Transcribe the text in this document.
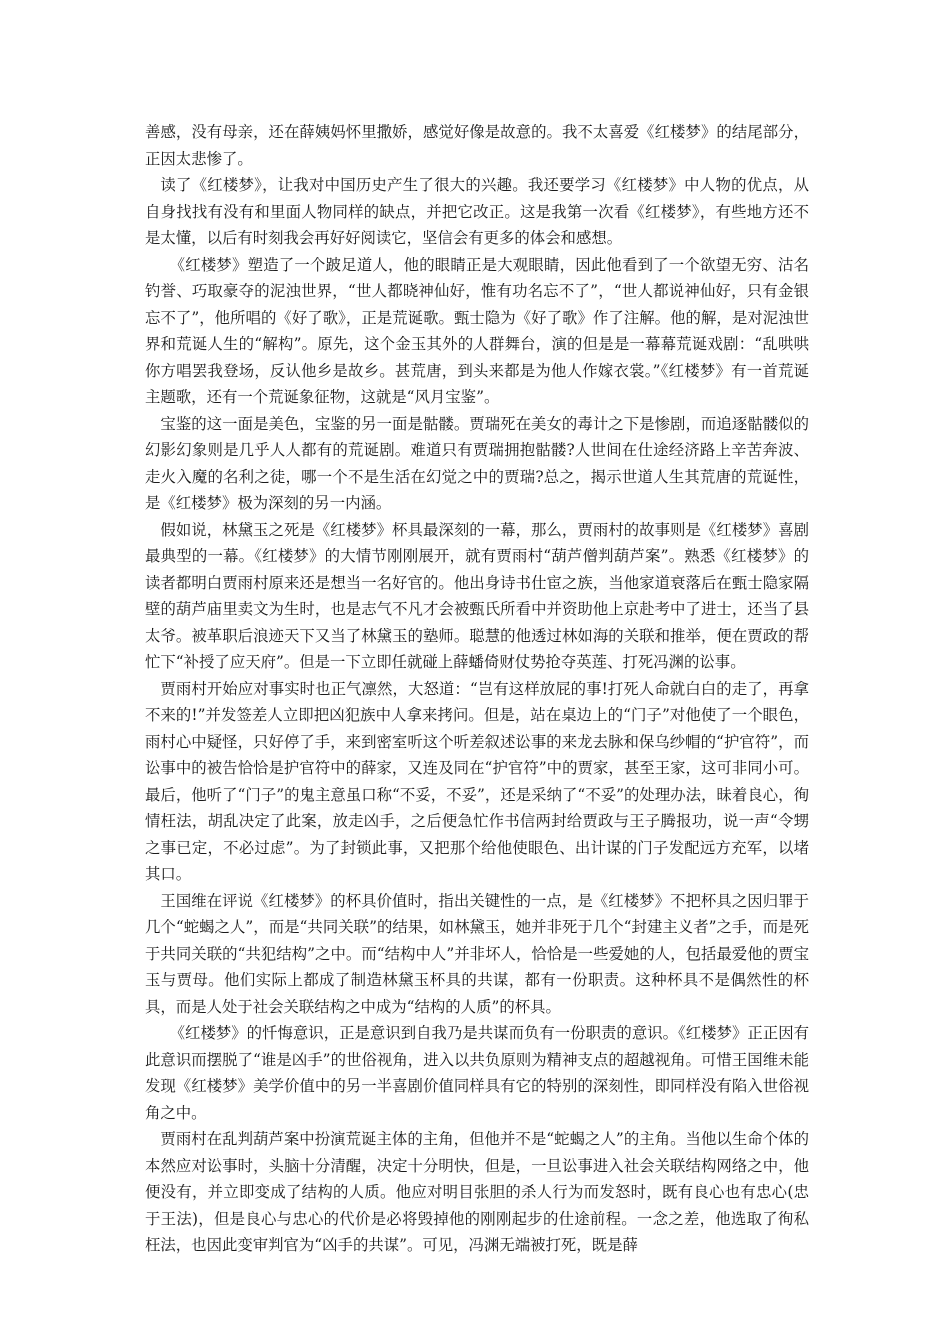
善感，没有母亲，还在薛姨妈怀里撒娇，感觉好像是故意的。我不太喜爱《红楼梦》的结尾部分，正因太悲惨了。

读了《红楼梦》，让我对中国历史产生了很大的兴趣。我还要学习《红楼梦》中人物的优点，从自身找找有没有和里面人物同样的缺点，并把它改正。这是我第一次看《红楼梦》，有些地方还不是太懂，以后有时刻我会再好好阅读它，坚信会有更多的体会和感想。

《红楼梦》塑造了一个跛足道人，他的眼睛正是大观眼睛，因此他看到了一个欲望无穷、沽名钓誉、巧取豪夺的泥浊世界，“世人都晓神仙好，惟有功名忘不了”，“世人都说神仙好，只有金银忘不了”，他所唱的《好了歌》，正是荒诞歌。甄士隐为《好了歌》作了注解。他的解，是对泥浊世界和荒诞人生的“解构”。原先，这个金玉其外的人群舞台，演的但是是一幕幕荒诞戏剧：“乱哄哄你方唱罢我登场，反认他乡是故乡。甚荒唐，到头来都是为他人作嫁衣裳。”《红楼梦》有一首荒诞主题歌，还有一个荒诞象征物，这就是“风月宝鉴”。

宝鉴的这一面是美色，宝鉴的另一面是骷髅。贾瑞死在美女的毒计之下是惨剧，而追逐骷髅似的幻影幻象则是几乎人人都有的荒诞剧。难道只有贾瑞拥抱骷髅?人世间在仕途经济路上辛苦奔波、走火入魔的名利之徒，哪一个不是生活在幻觉之中的贾瑞?总之，揭示世道人生其荒唐的荒诞性，是《红楼梦》极为深刻的另一内涵。

假如说，林黛玉之死是《红楼梦》杯具最深刻的一幕，那么，贾雨村的故事则是《红楼梦》喜剧最典型的一幕。《红楼梦》的大情节刚刚展开，就有贾雨村“葫芦僧判葫芦案”。熟悉《红楼梦》的读者都明白贾雨村原来还是想当一名好官的。他出身诗书仕宦之族，当他家道衰落后在甄士隐家隔壁的葫芦庙里卖文为生时，也是志气不凡才会被甄氏所看中并资助他上京赴考中了进士，还当了县太爷。被革职后浪迹天下又当了林黛玉的塾师。聪慧的他透过林如海的关联和推举，便在贾政的帮忙下“补授了应天府”。但是一下立即任就碰上薛蟠倚财仗势抢夺英莲、打死冯渊的讼事。

贾雨村开始应对事实时也正气凛然，大怒道：“岂有这样放屁的事!打死人命就白白的走了，再拿不来的!”并发签差人立即把凶犯族中人拿来拷问。但是，站在桌边上的“门子”对他使了一个眼色，雨村心中疑怪，只好停了手，来到密室听这个听差叙述讼事的来龙去脉和保乌纱帽的“护官符”，而讼事中的被告恰恰是护官符中的薛家，又连及同在“护官符”中的贾家，甚至王家，这可非同小可。最后，他听了“门子”的鬼主意虽口称“不妥，不妥”，还是采纳了“不妥”的处理办法，昧着良心，徇情枉法，胡乱决定了此案，放走凶手，之后便急忙作书信两封给贾政与王子腾报功，说一声“令甥之事已定，不必过虑”。为了封锁此事，又把那个给他使眼色、出计谋的门子发配远方充军，以堵其口。

王国维在评说《红楼梦》的杯具价值时，指出关键性的一点，是《红楼梦》不把杯具之因归罪于几个“蛇蝎之人”，而是“共同关联”的结果，如林黛玉，她并非死于几个“封建主义者”之手，而是死于共同关联的“共犯结构”之中。而“结构中人”并非坏人，恰恰是一些爱她的人，包括最爱他的贾宝玉与贾母。他们实际上都成了制造林黛玉杯具的共谋，都有一份职责。这种杯具不是偶然性的杯具，而是人处于社会关联结构之中成为“结构的人质”的杯具。

《红楼梦》的忏悔意识，正是意识到自我乃是共谋而负有一份职责的意识。《红楼梦》正正因有此意识而摆脱了“谁是凶手”的世俗视角，进入以共负原则为精神支点的超越视角。可惜王国维未能发现《红楼梦》美学价值中的另一半喜剧价值同样具有它的特别的深刻性，即同样没有陷入世俗视角之中。

贾雨村在乱判葫芦案中扮演荒诞主体的主角，但他并不是“蛇蝎之人”的主角。当他以生命个体的本然应对讼事时，头脑十分清醒，决定十分明快，但是，一旦讼事进入社会关联结构网络之中，他便没有，并立即变成了结构的人质。他应对明目张胆的杀人行为而发怒时，既有良心也有忠心(忠于王法)，但是良心与忠心的代价是必将毁掉他的刚刚起步的仕途前程。一念之差，他选取了徇私枉法，也因此变审判官为“凶手的共谋”。可见，冯渊无端被打死，既是薛
